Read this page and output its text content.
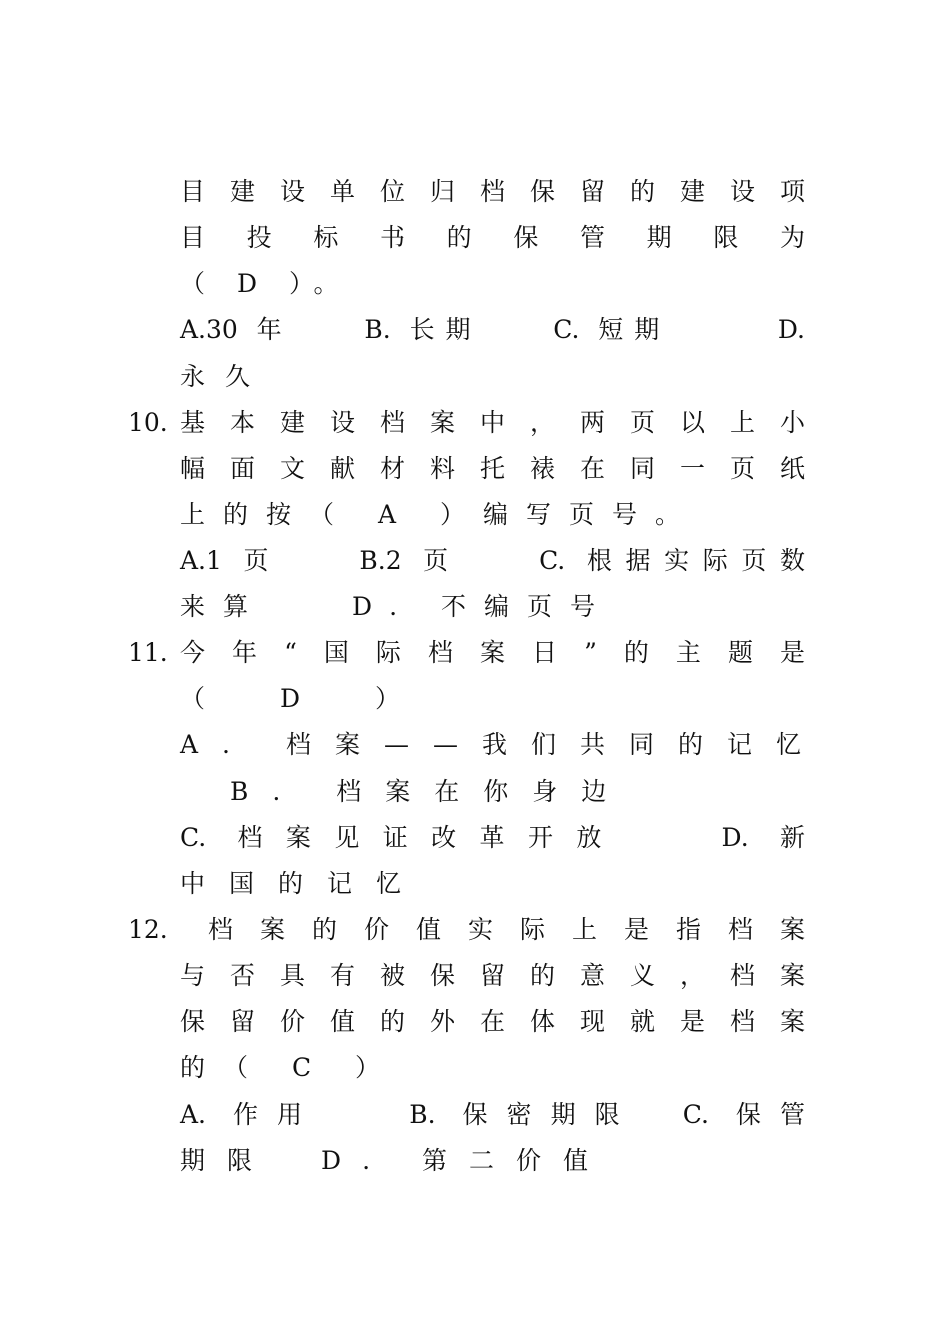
目建设单位归档保留的建设项
目投标书的保管期限为
（ D ）。
A.30 年　　B. 长期　　C. 短期　　　D.
永久
10. 基本建设档案中，两页以上小
幅面文献材料托裱在同一页纸
上的按（ A ）编写页号。
A.1 页　　B.2 页　　C. 根据实际页数
来算　　D. 不编页号
11. 今年“国际档案日”的主题是
（　 D　 ）
A. 档案——我们共同的记忆
B. 档案在你身边
C. 档案见证改革开放　　D. 新
中国的记忆
12. 档案的价值实际上是指档案
与否具有被保留的意义，档案
保留价值的外在体现就是档案
的（ C ）
A. 作用　　B. 保密期限　C. 保管
期限　D. 第二价值
